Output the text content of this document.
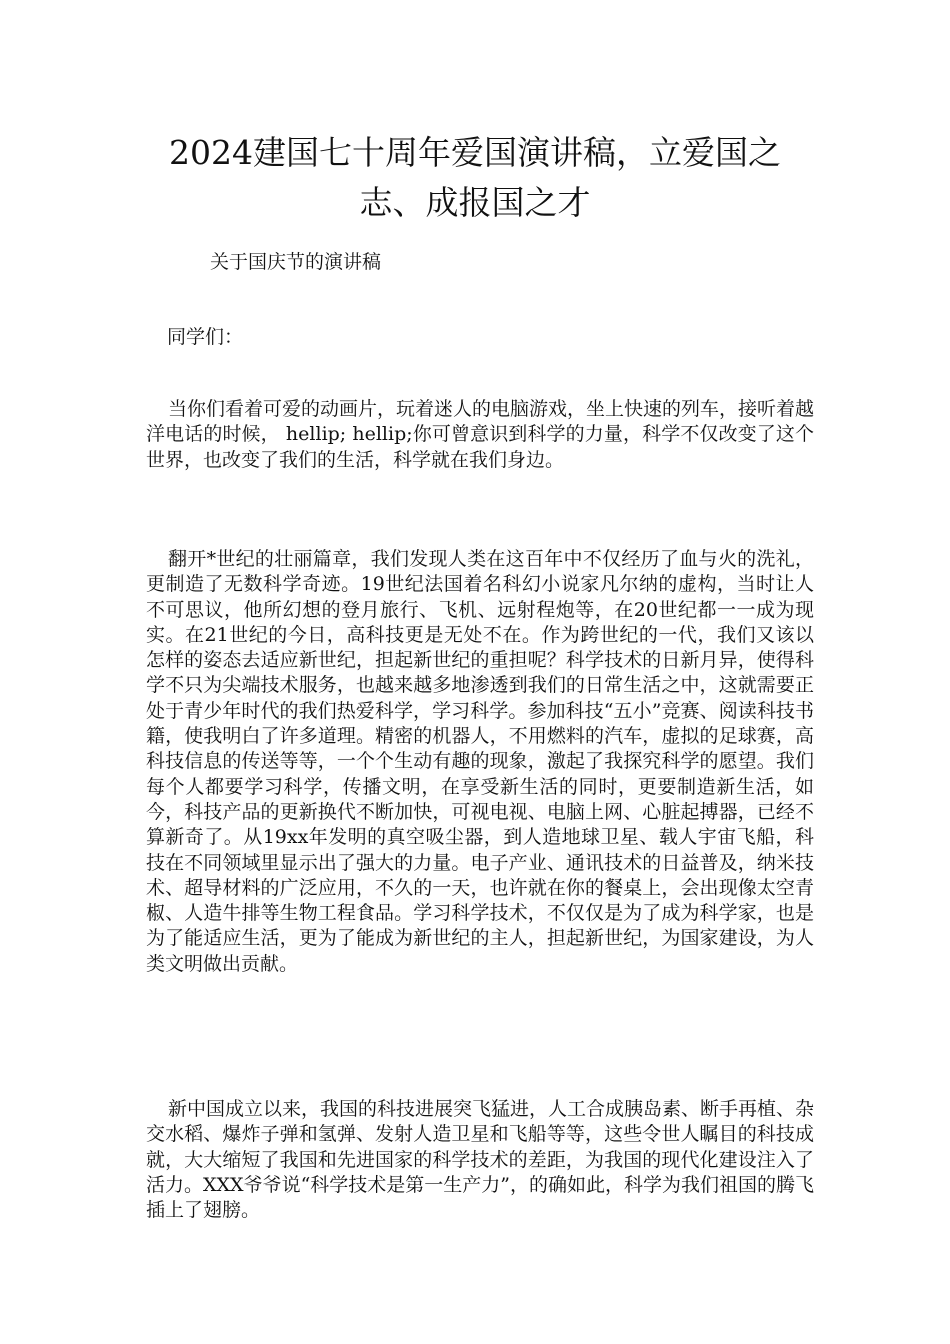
2024建国七十周年爱国演讲稿，立爱国之志、成报国之才

关于国庆节的演讲稿

同学们：

当你们看着可爱的动画片，玩着迷人的电脑游戏，坐上快速的列车，接听着越洋电话的时候， hellip; hellip;你可曾意识到科学的力量，科学不仅改变了这个世界，也改变了我们的生活，科学就在我们身边。

翻开*世纪的壮丽篇章，我们发现人类在这百年中不仅经历了血与火的洗礼，更制造了无数科学奇迹。19世纪法国着名科幻小说家凡尔纳的虚构，当时让人不可思议，他所幻想的登月旅行、飞机、远射程炮等，在20世纪都一一成为现实。在21世纪的今日，高科技更是无处不在。作为跨世纪的一代，我们又该以怎样的姿态去适应新世纪，担起新世纪的重担呢？科学技术的日新月异，使得科学不只为尖端技术服务，也越来越多地渗透到我们的日常生活之中，这就需要正处于青少年时代的我们热爱科学，学习科学。参加科技“五小”竞赛、阅读科技书籍，使我明白了许多道理。精密的机器人，不用燃料的汽车，虚拟的足球赛，高科技信息的传送等等，一个个生动有趣的现象，激起了我探究科学的愿望。我们每个人都要学习科学，传播文明，在享受新生活的同时，更要制造新生活，如今，科技产品的更新换代不断加快，可视电视、电脑上网、心脏起搏器，已经不算新奇了。从19xx年发明的真空吸尘器，到人造地球卫星、载人宇宙飞船，科技在不同领域里显示出了强大的力量。电子产业、通讯技术的日益普及，纳米技术、超导材料的广泛应用，不久的一天，也许就在你的餐桌上，会出现像太空青椒、人造牛排等生物工程食品。学习科学技术，不仅仅是为了成为科学家，也是为了能适应生活，更为了能成为新世纪的主人，担起新世纪，为国家建设，为人类文明做出贡献。

新中国成立以来，我国的科技进展突飞猛进，人工合成胰岛素、断手再植、杂交水稻、爆炸子弹和氢弹、发射人造卫星和飞船等等，这些令世人瞩目的科技成就，大大缩短了我国和先进国家的科学技术的差距，为我国的现代化建设注入了活力。XXX爷爷说“科学技术是第一生产力”，的确如此，科学为我们祖国的腾飞插上了翅膀。
